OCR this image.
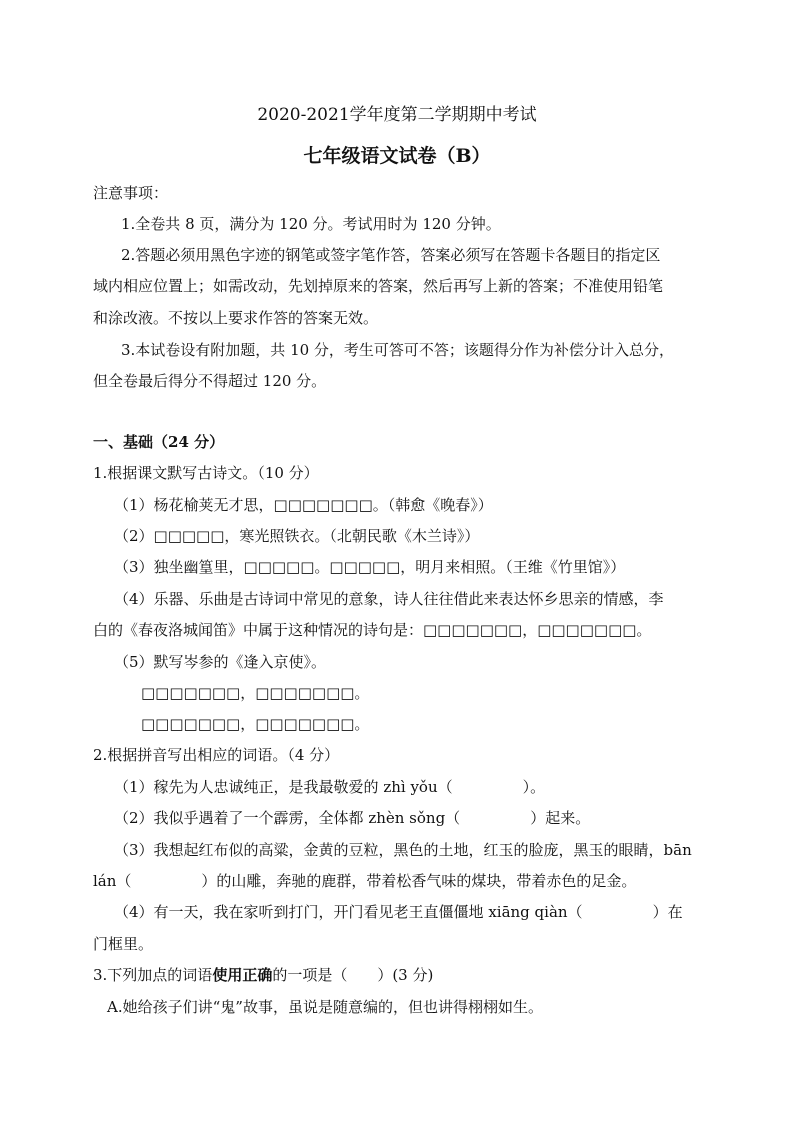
2020-2021学年度第二学期期中考试
七年级语文试卷（B）
注意事项：
1.全卷共 8 页，满分为 120 分。考试用时为 120 分钟。
2.答题必须用黑色字迹的钢笔或签字笔作答，答案必须写在答题卡各题目的指定区
域内相应位置上；如需改动，先划掉原来的答案，然后再写上新的答案；不准使用铅笔
和涂改液。不按以上要求作答的答案无效。
3.本试卷设有附加题，共 10 分，考生可答可不答；该题得分作为补偿分计入总分，
但全卷最后得分不得超过 120 分。
一、基础（24 分）
1.根据课文默写古诗文。（10 分）
（1）杨花榆荚无才思，□□□□□□□。（韩愈《晚春》）
（2）□□□□□，寒光照铁衣。（北朝民歌《木兰诗》）
（3）独坐幽篁里，□□□□□。□□□□□，明月来相照。（王维《竹里馆》）
（4）乐器、乐曲是古诗词中常见的意象，诗人往往借此来表达怀乡思亲的情感，李
白的《春夜洛城闻笛》中属于这种情况的诗句是：□□□□□□□，□□□□□□□。
（5）默写岑参的《逢入京使》。
□□□□□□□，□□□□□□□。
□□□□□□□，□□□□□□□。
2.根据拼音写出相应的词语。（4 分）
（1）稼先为人忠诚纯正，是我最敬爱的 zhì yǒu（	）。
（2）我似乎遇着了一个霹雳，全体都 zhèn sǒng（	）起来。
（3）我想起红布似的高粱，金黄的豆粒，黑色的土地，红玉的脸庞，黑玉的眼睛，bān
lán（	）的山雕，奔驰的鹿群，带着松香气味的煤块，带着赤色的足金。
（4）有一天，我在家听到打门，开门看见老王直僵僵地 xiāng qiàn（	）在
门框里。
3.下列加点的词语使用正确的一项是（　　）(3 分)
A.她给孩子们讲“鬼”故事，虽说是随意编的，但也讲得栩栩如生。
